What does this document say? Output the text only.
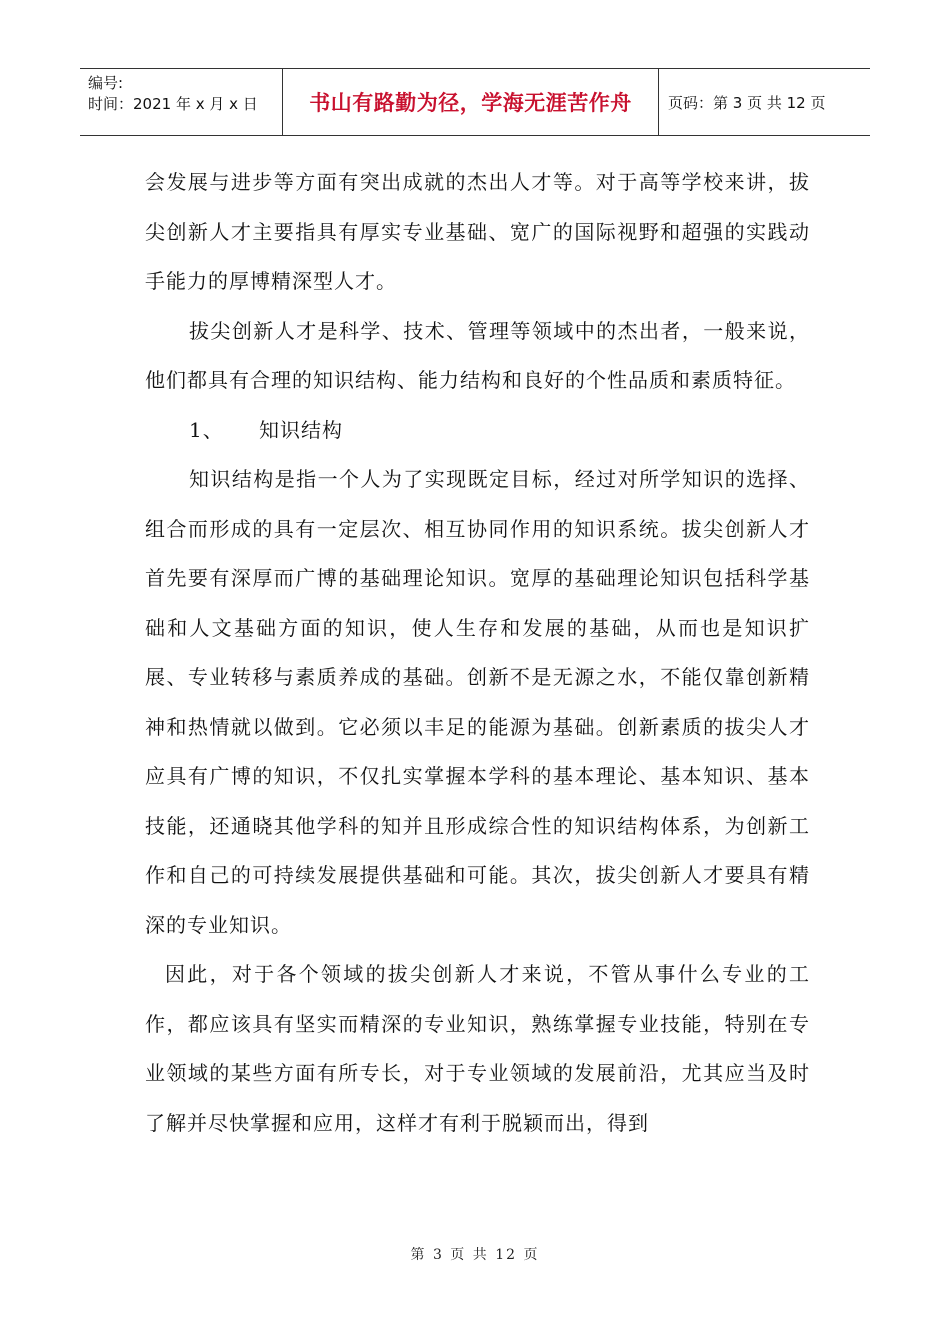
编号:
时间：2021 年 x 月 x 日	书山有路勤为径，学海无涯苦作舟	页码：第 3 页 共 12 页

会发展与进步等方面有突出成就的杰出人才等。对于高等学校来讲，拔尖创新人才主要指具有厚实专业基础、宽广的国际视野和超强的实践动手能力的厚博精深型人才。

拔尖创新人才是科学、技术、管理等领域中的杰出者，一般来说，他们都具有合理的知识结构、能力结构和良好的个性品质和素质特征。

1、 知识结构

知识结构是指一个人为了实现既定目标，经过对所学知识的选择、组合而形成的具有一定层次、相互协同作用的知识系统。拔尖创新人才首先要有深厚而广博的基础理论知识。宽厚的基础理论知识包括科学基础和人文基础方面的知识，使人生存和发展的基础，从而也是知识扩展、专业转移与素质养成的基础。创新不是无源之水，不能仅靠创新精神和热情就以做到。它必须以丰足的能源为基础。创新素质的拔尖人才应具有广博的知识，不仅扎实掌握本学科的基本理论、基本知识、基本技能，还通晓其他学科的知并且形成综合性的知识结构体系，为创新工作和自己的可持续发展提供基础和可能。其次，拔尖创新人才要具有精深的专业知识。

因此，对于各个领域的拔尖创新人才来说，不管从事什么专业的工作，都应该具有坚实而精深的专业知识，熟练掌握专业技能，特别在专业领域的某些方面有所专长，对于专业领域的发展前沿，尤其应当及时了解并尽快掌握和应用，这样才有利于脱颖而出，得到

第 3 页 共 12 页
